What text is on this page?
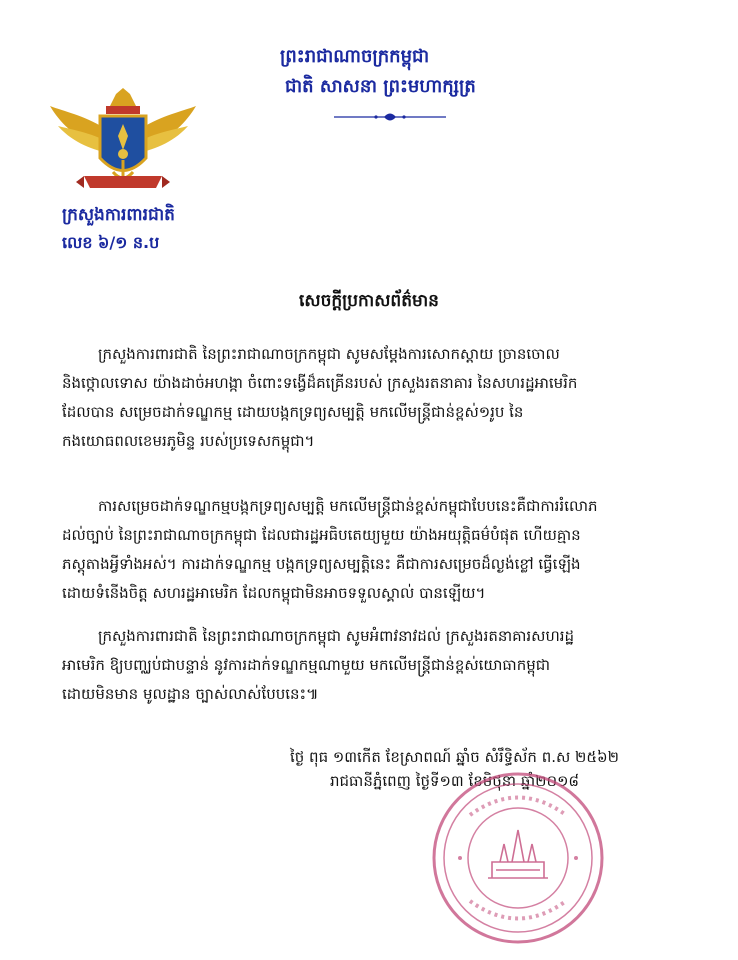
ព្រះរាជាណាចក្រកម្ពុជា
ជាតិ សាសនា ព្រះមហាក្សត្រ
ក្រសួងការពារជាតិ
លេខ ៦/១ ន.ប
សេចក្តីប្រកាសព័ត៌មាន
ក្រសួងការពារជាតិ នៃព្រះរាជាណាចក្រកម្ពុជា សូមសម្តែងការសោកស្តាយ ច្រានចោល
និងថ្កោលទោស យ៉ាងដាច់អហង្កា ចំពោះទង្វើដ៏គគ្រើនរបស់ ក្រសួងរតនាគារ នៃសហរដ្ឋអាមេរិក
ដែលបាន សម្រេចដាក់ទណ្ឌកម្ម ដោយបង្កកទ្រព្យសម្បត្តិ មកលើមន្ត្រីជាន់ខ្ពស់១រូប នៃ
កងយោធពលខេមរភូមិន្ទ របស់ប្រទេសកម្ពុជា។
ការសម្រេចដាក់ទណ្ឌកម្មបង្កកទ្រព្យសម្បត្តិ មកលើមន្ត្រីជាន់ខ្ពស់កម្ពុជាបែបនេះគឺជាការរំលោភ
ដល់ច្បាប់ នៃព្រះរាជាណាចក្រកម្ពុជា ដែលជារដ្ឋអធិបតេយ្យមួយ យ៉ាងអយុត្តិធម៌បំផុត ហើយគ្មាន
ភស្តុតាងអ្វីទាំងអស់។ ការដាក់ទណ្ឌកម្ម បង្កកទ្រព្យសម្បត្តិនេះ គឺជាការសម្រេចដ៏ល្ងង់ខ្លៅ ធ្វើឡើង
ដោយទំនើងចិត្ត សហរដ្ឋអាមេរិក ដែលកម្ពុជាមិនអាចទទួលស្គាល់ បានឡើយ។
ក្រសួងការពារជាតិ នៃព្រះរាជាណាចក្រកម្ពុជា សូមអំពាវនាវដល់ ក្រសួងរតនាគារសហរដ្ឋ
អាមេរិក ឱ្យបញ្ឈប់ជាបន្ទាន់ នូវការដាក់ទណ្ឌកម្មណាមួយ មកលើមន្ត្រីជាន់ខ្ពស់យោធាកម្ពុជា
ដោយមិនមាន មូលដ្ឋាន ច្បាស់លាស់បែបនេះ៕
ថ្ងៃ ពុធ ១៣កើត ខែស្រាពណ៍ ឆ្នាំច សំរឹទ្ធិស័ក ព.ស ២៥៦២
រាជធានីភ្នំពេញ ថ្ងៃទី១៣ ខែមិថុនា ឆ្នាំ២០១៨
